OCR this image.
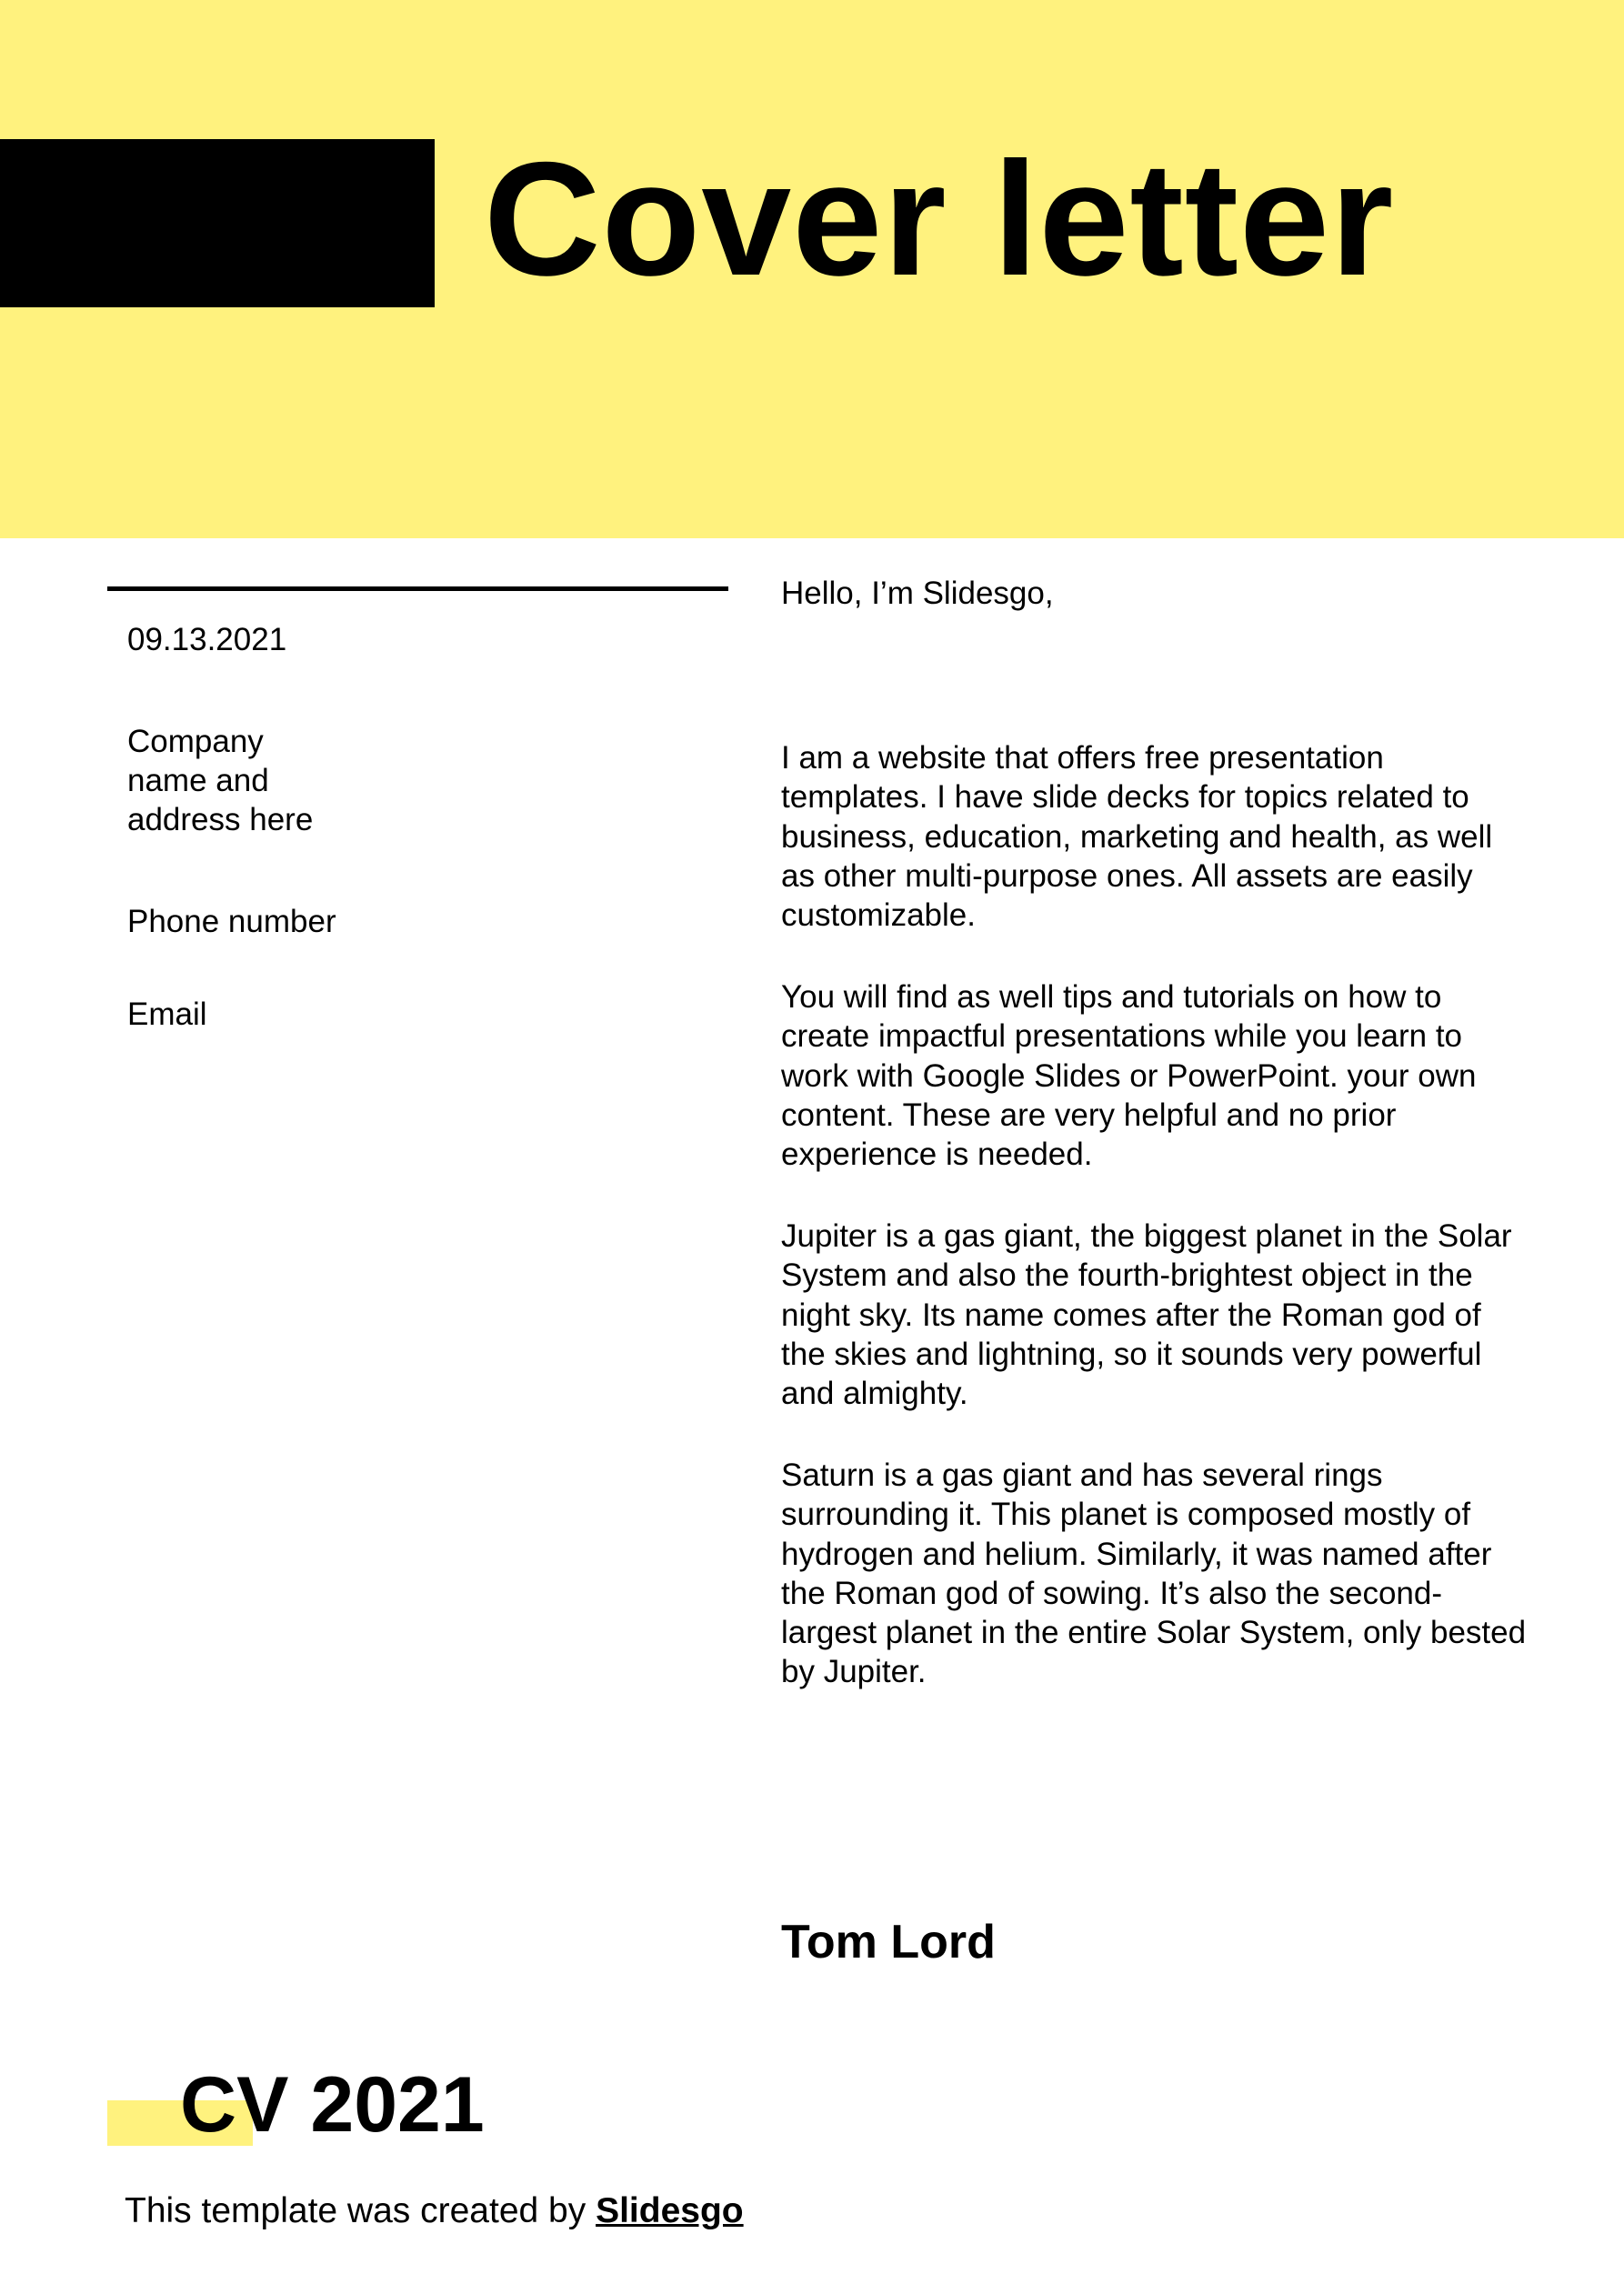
Cover letter

09.13.2021

Company
name and
address here

Phone number

Email

Hello, I’m Slidesgo,

I am a website that offers free presentation templates. I have slide decks for topics related to business, education, marketing and health, as well as other multi-purpose ones. All assets are easily customizable.

You will find as well tips and tutorials on how to create impactful presentations while you learn to work with Google Slides or PowerPoint. your own content. These are very helpful and no prior experience is needed.

Jupiter is a gas giant, the biggest planet in the Solar System and also the fourth-brightest object in the night sky. Its name comes after the Roman god of the skies and lightning, so it sounds very powerful and almighty.

Saturn is a gas giant and has several rings surrounding it. This planet is composed mostly of hydrogen and helium. Similarly, it was named after the Roman god of sowing. It’s also the second-largest planet in the entire Solar System, only bested by Jupiter.

Tom Lord

CV 2021

This template was created by Slidesgo
